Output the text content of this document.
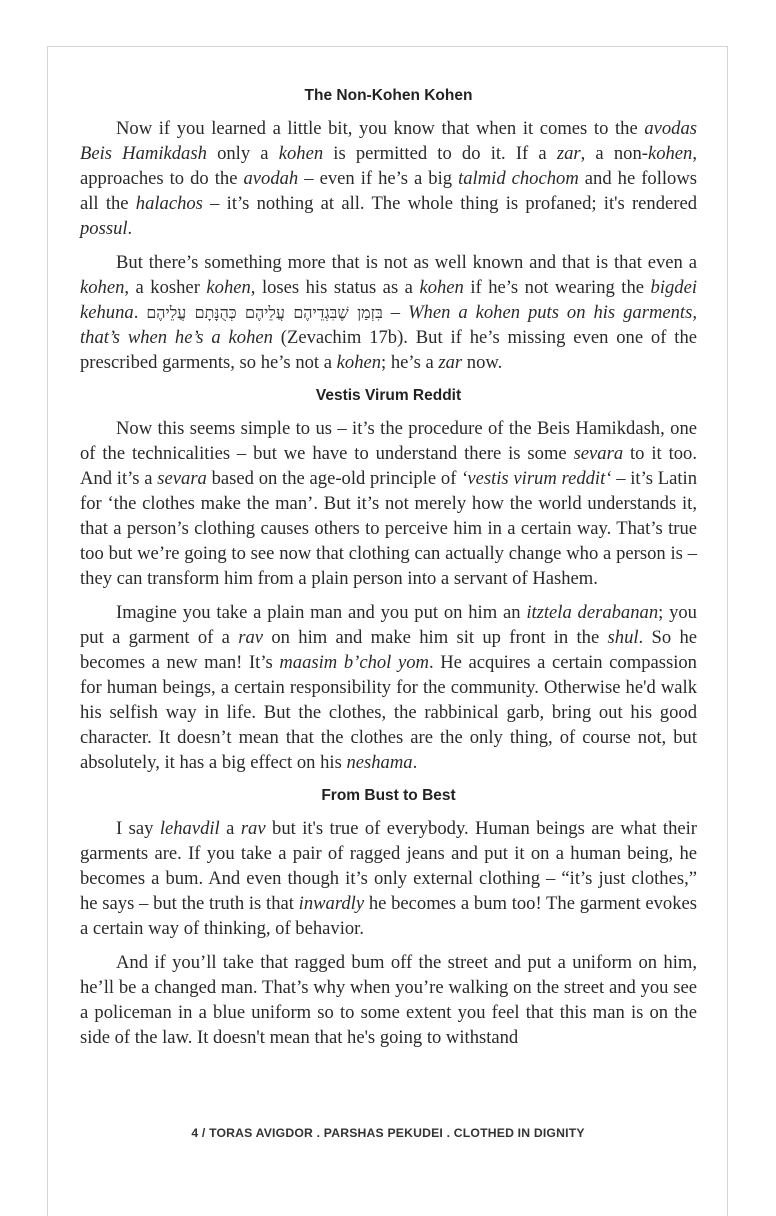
The Non-Kohen Kohen

Now if you learned a little bit, you know that when it comes to the avodas Beis Hamikdash only a kohen is permitted to do it. If a zar, a non-kohen, approaches to do the avodah – even if he’s a big talmid chochom and he follows all the halachos – it’s nothing at all. The whole thing is profaned; it's rendered possul.

But there’s something more that is not as well known and that is that even a kohen, a kosher kohen, loses his status as a kohen if he’s not wearing the bigdei kehuna. בִּזְמַן שֶׁבִּגְדֵיהֶם עֲלֵיהֶם כְּהֻנָּתָם עֲלֵיהֶם – When a kohen puts on his garments, that’s when he’s a kohen (Zevachim 17b). But if he’s missing even one of the prescribed garments, so he’s not a kohen; he’s a zar now.

Vestis Virum Reddit

Now this seems simple to us – it’s the procedure of the Beis Hamikdash, one of the technicalities – but we have to understand there is some sevara to it too. And it’s a sevara based on the age-old principle of ‘vestis virum reddit‘ – it’s Latin for ‘the clothes make the man’. But it’s not merely how the world understands it, that a person’s clothing causes others to perceive him in a certain way. That’s true too but we’re going to see now that clothing can actually change who a person is – they can transform him from a plain person into a servant of Hashem.

Imagine you take a plain man and you put on him an itztela derabanan; you put a garment of a rav on him and make him sit up front in the shul. So he becomes a new man! It’s maasim b’chol yom. He acquires a certain compassion for human beings, a certain responsibility for the community. Otherwise he'd walk his selfish way in life. But the clothes, the rabbinical garb, bring out his good character. It doesn’t mean that the clothes are the only thing, of course not, but absolutely, it has a big effect on his neshama.

From Bust to Best

I say lehavdil a rav but it's true of everybody. Human beings are what their garments are. If you take a pair of ragged jeans and put it on a human being, he becomes a bum. And even though it’s only external clothing – “it’s just clothes,” he says – but the truth is that inwardly he becomes a bum too! The garment evokes a certain way of thinking, of behavior.

And if you’ll take that ragged bum off the street and put a uniform on him, he’ll be a changed man. That’s why when you’re walking on the street and you see a policeman in a blue uniform so to some extent you feel that this man is on the side of the law. It doesn't mean that he's going to withstand

4 / TORAS AVIGDOR . PARSHAS PEKUDEI . CLOTHED IN DIGNITY
